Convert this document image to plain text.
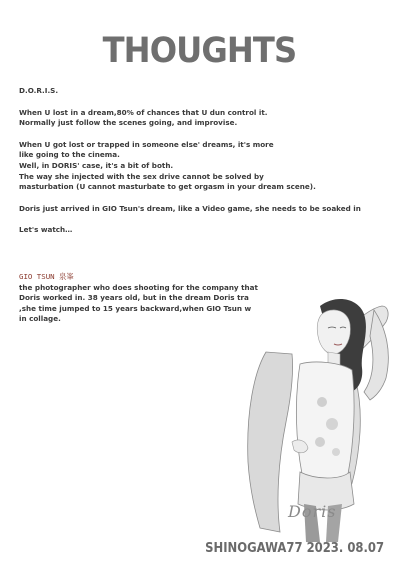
THOUGHTS
D.O.R.I.S.
When U lost in a dream,80% of chances that U dun control it.
Normally just follow the scenes going, and improvise.
When U got lost or trapped in someone else' dreams, it's more
like going to the cinema.
Well, in DORIS' case, it's a bit of both.
The way she injected with the sex drive cannot be solved by
masturbation (U cannot masturbate to get orgasm in your dream scene).
Doris just arrived in GIO Tsun's dream, like a Video game, she needs to be soaked in
Let's watch…
GIO TSUN 泉峯
the photographer who does shooting for the company that
Doris worked in. 38 years old, but in the dream Doris tra
,she time jumped to 15 years backward,when GIO Tsun w
in collage.
Doris
SHINOGAWA77 2023. 08.07
